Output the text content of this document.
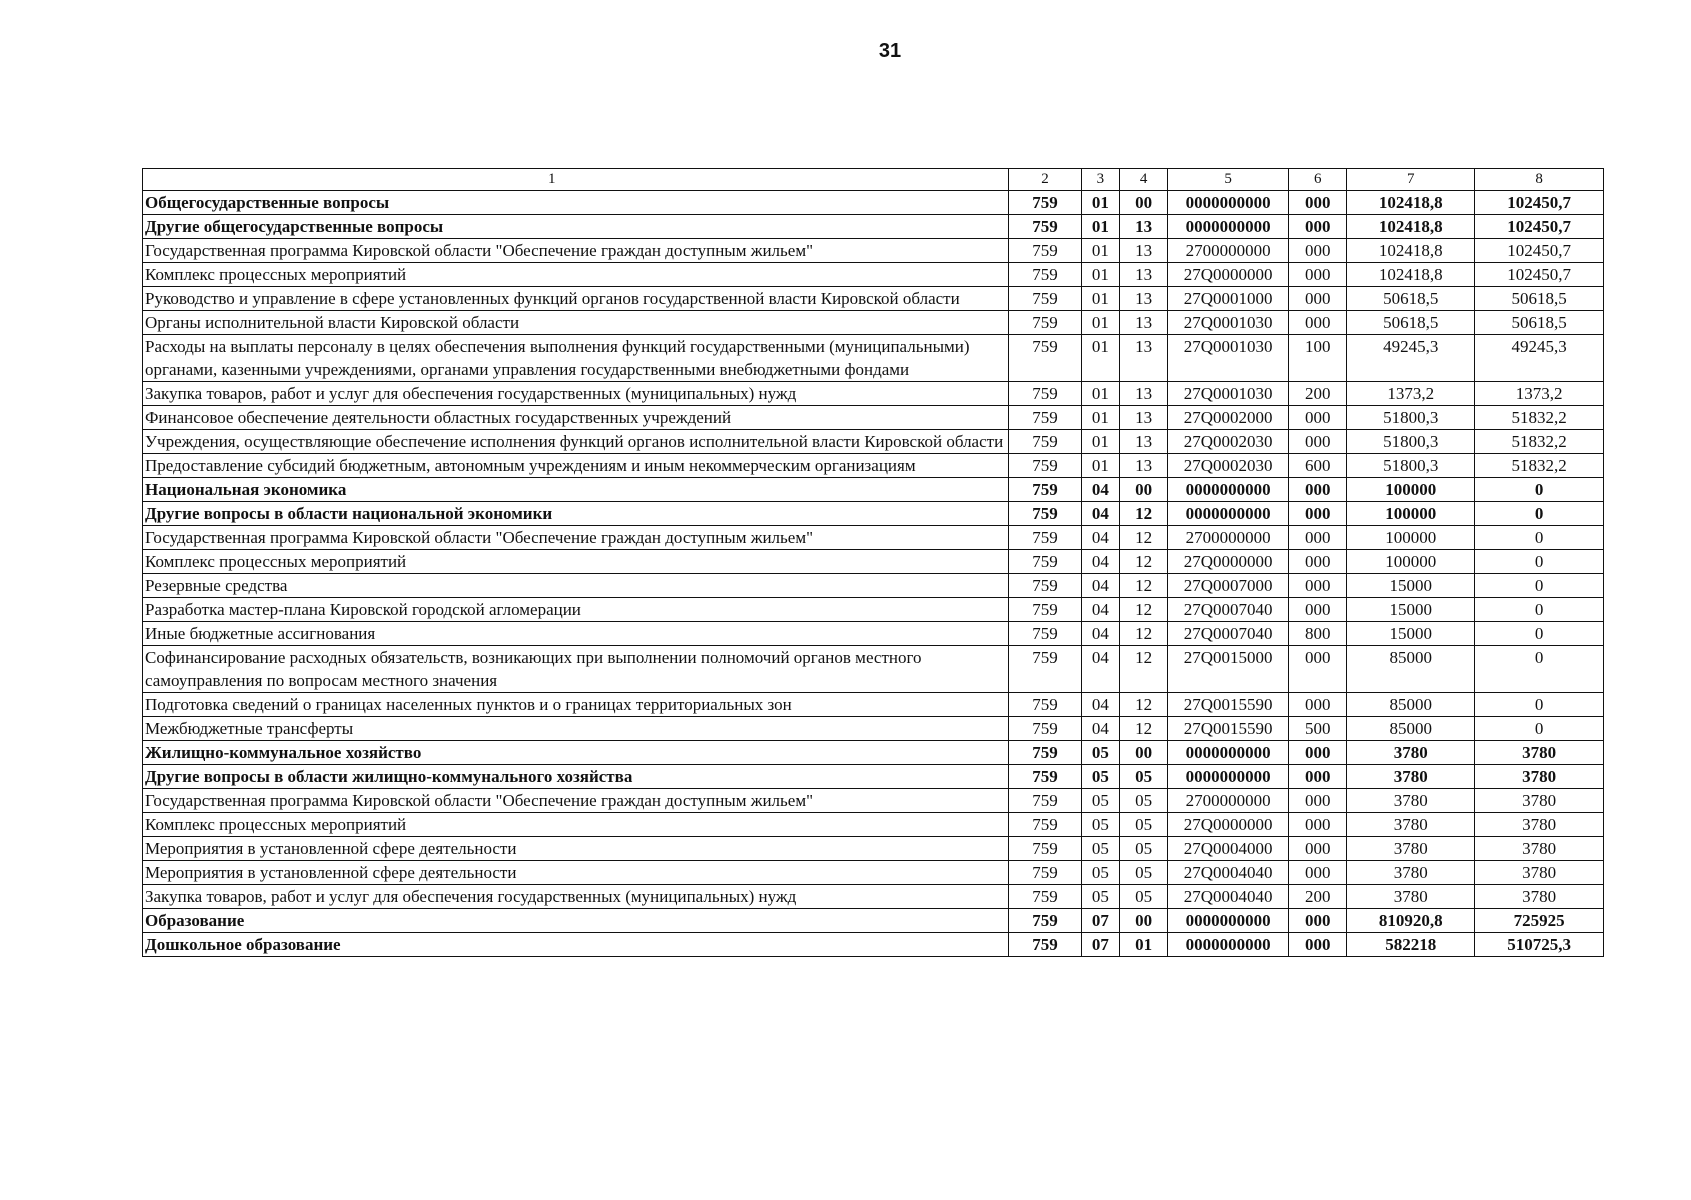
31
1	2	3	4	5	6	7	8
Общегосударственные вопросы	759	01	00	0000000000	000	102418,8	102450,7
Другие общегосударственные вопросы	759	01	13	0000000000	000	102418,8	102450,7
Государственная программа Кировской области "Обеспечение граждан доступным жильем"	759	01	13	2700000000	000	102418,8	102450,7
Комплекс процессных мероприятий	759	01	13	27Q0000000	000	102418,8	102450,7
Руководство и управление в сфере установленных функций органов государственной власти Кировской области	759	01	13	27Q0001000	000	50618,5	50618,5
Органы исполнительной власти Кировской области	759	01	13	27Q0001030	000	50618,5	50618,5
Расходы на выплаты персоналу в целях обеспечения выполнения функций государственными (муниципальными) органами, казенными учреждениями, органами управления государственными внебюджетными фондами	759	01	13	27Q0001030	100	49245,3	49245,3
Закупка товаров, работ и услуг для обеспечения государственных (муниципальных) нужд	759	01	13	27Q0001030	200	1373,2	1373,2
Финансовое обеспечение деятельности областных государственных учреждений	759	01	13	27Q0002000	000	51800,3	51832,2
Учреждения, осуществляющие обеспечение исполнения функций органов исполнительной власти Кировской области	759	01	13	27Q0002030	000	51800,3	51832,2
Предоставление субсидий бюджетным, автономным учреждениям и иным некоммерческим организациям	759	01	13	27Q0002030	600	51800,3	51832,2
Национальная экономика	759	04	00	0000000000	000	100000	0
Другие вопросы в области национальной экономики	759	04	12	0000000000	000	100000	0
Государственная программа Кировской области "Обеспечение граждан доступным жильем"	759	04	12	2700000000	000	100000	0
Комплекс процессных мероприятий	759	04	12	27Q0000000	000	100000	0
Резервные средства	759	04	12	27Q0007000	000	15000	0
Разработка мастер-плана Кировской городской агломерации	759	04	12	27Q0007040	000	15000	0
Иные бюджетные ассигнования	759	04	12	27Q0007040	800	15000	0
Софинансирование расходных обязательств, возникающих при выполнении полномочий органов местного самоуправления по вопросам местного значения	759	04	12	27Q0015000	000	85000	0
Подготовка сведений о границах населенных пунктов и о границах территориальных зон	759	04	12	27Q0015590	000	85000	0
Межбюджетные трансферты	759	04	12	27Q0015590	500	85000	0
Жилищно-коммунальное хозяйство	759	05	00	0000000000	000	3780	3780
Другие вопросы в области жилищно-коммунального хозяйства	759	05	05	0000000000	000	3780	3780
Государственная программа Кировской области "Обеспечение граждан доступным жильем"	759	05	05	2700000000	000	3780	3780
Комплекс процессных мероприятий	759	05	05	27Q0000000	000	3780	3780
Мероприятия в установленной сфере деятельности	759	05	05	27Q0004000	000	3780	3780
Мероприятия в установленной сфере деятельности	759	05	05	27Q0004040	000	3780	3780
Закупка товаров, работ и услуг для обеспечения государственных (муниципальных) нужд	759	05	05	27Q0004040	200	3780	3780
Образование	759	07	00	0000000000	000	810920,8	725925
Дошкольное образование	759	07	01	0000000000	000	582218	510725,3
